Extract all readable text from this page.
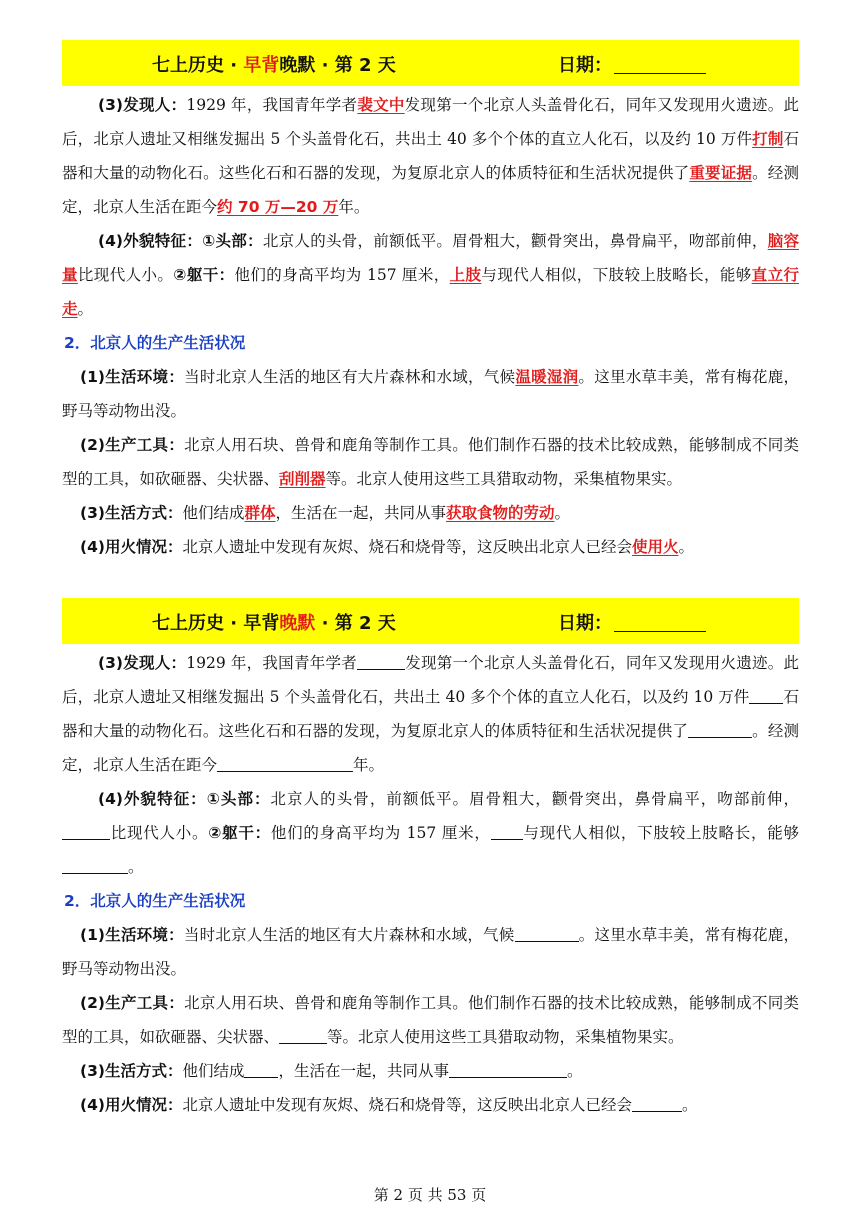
七上历史 · 早背晚默 · 第 2 天	日期：

(3)发现人：1929 年，我国青年学者裴文中发现第一个北京人头盖骨化石，同年又发现用火遗迹。此后，北京人遗址又相继发掘出 5 个头盖骨化石，共出土 40 多个个体的直立人化石，以及约 10 万件打制石器和大量的动物化石。这些化石和石器的发现，为复原北京人的体质特征和生活状况提供了重要证据。经测定，北京人生活在距今约 70 万—20 万年。

(4)外貌特征：①头部：北京人的头骨，前额低平。眉骨粗大，颧骨突出，鼻骨扁平，吻部前伸，脑容量比现代人小。②躯干：他们的身高平均为 157 厘米，上肢与现代人相似，下肢较上肢略长，能够直立行走。

2．北京人的生产生活状况

(1)生活环境：当时北京人生活的地区有大片森林和水域，气候温暖湿润。这里水草丰美，常有梅花鹿，野马等动物出没。

(2)生产工具：北京人用石块、兽骨和鹿角等制作工具。他们制作石器的技术比较成熟，能够制成不同类型的工具，如砍砸器、尖状器、刮削器等。北京人使用这些工具猎取动物，采集植物果实。

(3)生活方式：他们结成群体，生活在一起，共同从事获取食物的劳动。

(4)用火情况：北京人遗址中发现有灰烬、烧石和烧骨等，这反映出北京人已经会使用火。

七上历史 · 早背晚默 · 第 2 天	日期：

(3)发现人：1929 年，我国青年学者	发现第一个北京人头盖骨化石，同年又发现用火遗迹。此后，北京人遗址又相继发掘出 5 个头盖骨化石，共出土 40 多个个体的直立人化石，以及约 10 万件 石器和大量的动物化石。这些化石和石器的发现，为复原北京人的体质特征和生活状况提供了	。经测定，北京人生活在距今	年。

(4)外貌特征：①头部：北京人的头骨，前额低平。眉骨粗大，颧骨突出，鼻骨扁平，吻部前伸，比现代人小。②躯干：他们的身高平均为 157 厘米， 与现代人相似，下肢较上肢略长，能够。

2．北京人的生产生活状况

(1)生活环境：当时北京人生活的地区有大片森林和水域，气候	。这里水草丰美，常有梅花鹿，野马等动物出没。

(2)生产工具：北京人用石块、兽骨和鹿角等制作工具。他们制作石器的技术比较成熟，能够制成不同类型的工具，如砍砸器、尖状器、	等。北京人使用这些工具猎取动物，采集植物果实。

(3)生活方式：他们结成 ，生活在一起，共同从事	。

(4)用火情况：北京人遗址中发现有灰烬、烧石和烧骨等，这反映出北京人已经会	。

第 2 页 共 53 页
